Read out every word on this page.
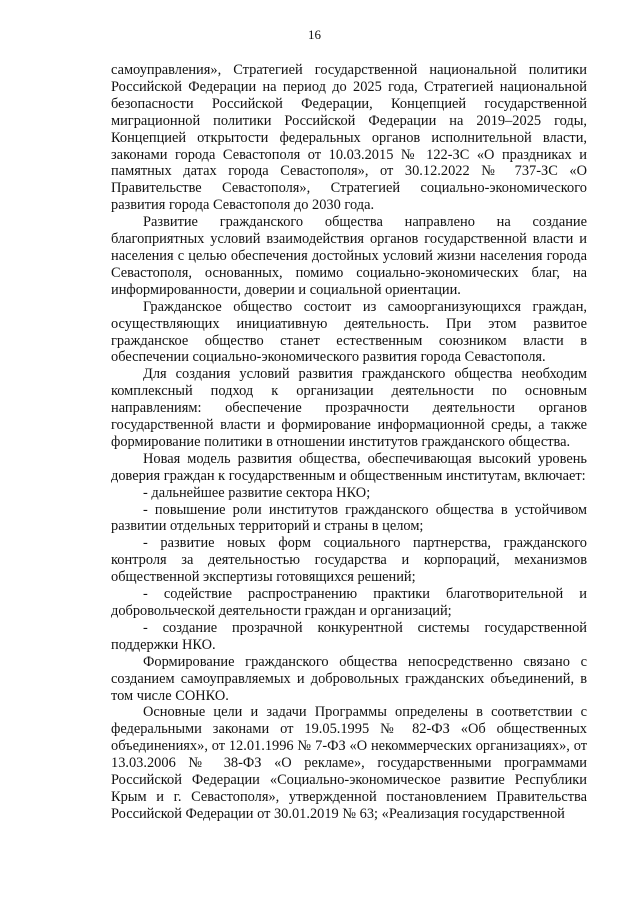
16

самоуправления», Стратегией государственной национальной политики Российской Федерации на период до 2025 года, Стратегией национальной безопасности Российской Федерации, Концепцией государственной миграционной политики Российской Федерации на 2019–2025 годы, Концепцией открытости федеральных органов исполнительной власти, законами города Севастополя от 10.03.2015 № 122-ЗС «О праздниках и памятных датах города Севастополя», от 30.12.2022 № 737-ЗС «О Правительстве Севастополя», Стратегией социально-экономического развития города Севастополя до 2030 года.

Развитие гражданского общества направлено на создание благоприятных условий взаимодействия органов государственной власти и населения с целью обеспечения достойных условий жизни населения города Севастополя, основанных, помимо социально-экономических благ, на информированности, доверии и социальной ориентации.

Гражданское общество состоит из самоорганизующихся граждан, осуществляющих инициативную деятельность. При этом развитое гражданское общество станет естественным союзником власти в обеспечении социально-экономического развития города Севастополя.

Для создания условий развития гражданского общества необходим комплексный подход к организации деятельности по основным направлениям: обеспечение прозрачности деятельности органов государственной власти и формирование информационной среды, а также формирование политики в отношении институтов гражданского общества.

Новая модель развития общества, обеспечивающая высокий уровень доверия граждан к государственным и общественным институтам, включает:

- дальнейшее развитие сектора НКО;

- повышение роли институтов гражданского общества в устойчивом развитии отдельных территорий и страны в целом;

- развитие новых форм социального партнерства, гражданского контроля за деятельностью государства и корпораций, механизмов общественной экспертизы готовящихся решений;

- содействие распространению практики благотворительной и добровольческой деятельности граждан и организаций;

- создание прозрачной конкурентной системы государственной поддержки НКО.

Формирование гражданского общества непосредственно связано с созданием самоуправляемых и добровольных гражданских объединений, в том числе СОНКО.

Основные цели и задачи Программы определены в соответствии с федеральными законами от 19.05.1995 № 82-ФЗ «Об общественных объединениях», от 12.01.1996 № 7-ФЗ «О некоммерческих организациях», от 13.03.2006 № 38-ФЗ «О рекламе», государственными программами Российской Федерации «Социально-экономическое развитие Республики Крым и г. Севастополя», утвержденной постановлением Правительства Российской Федерации от 30.01.2019 № 63; «Реализация государственной
